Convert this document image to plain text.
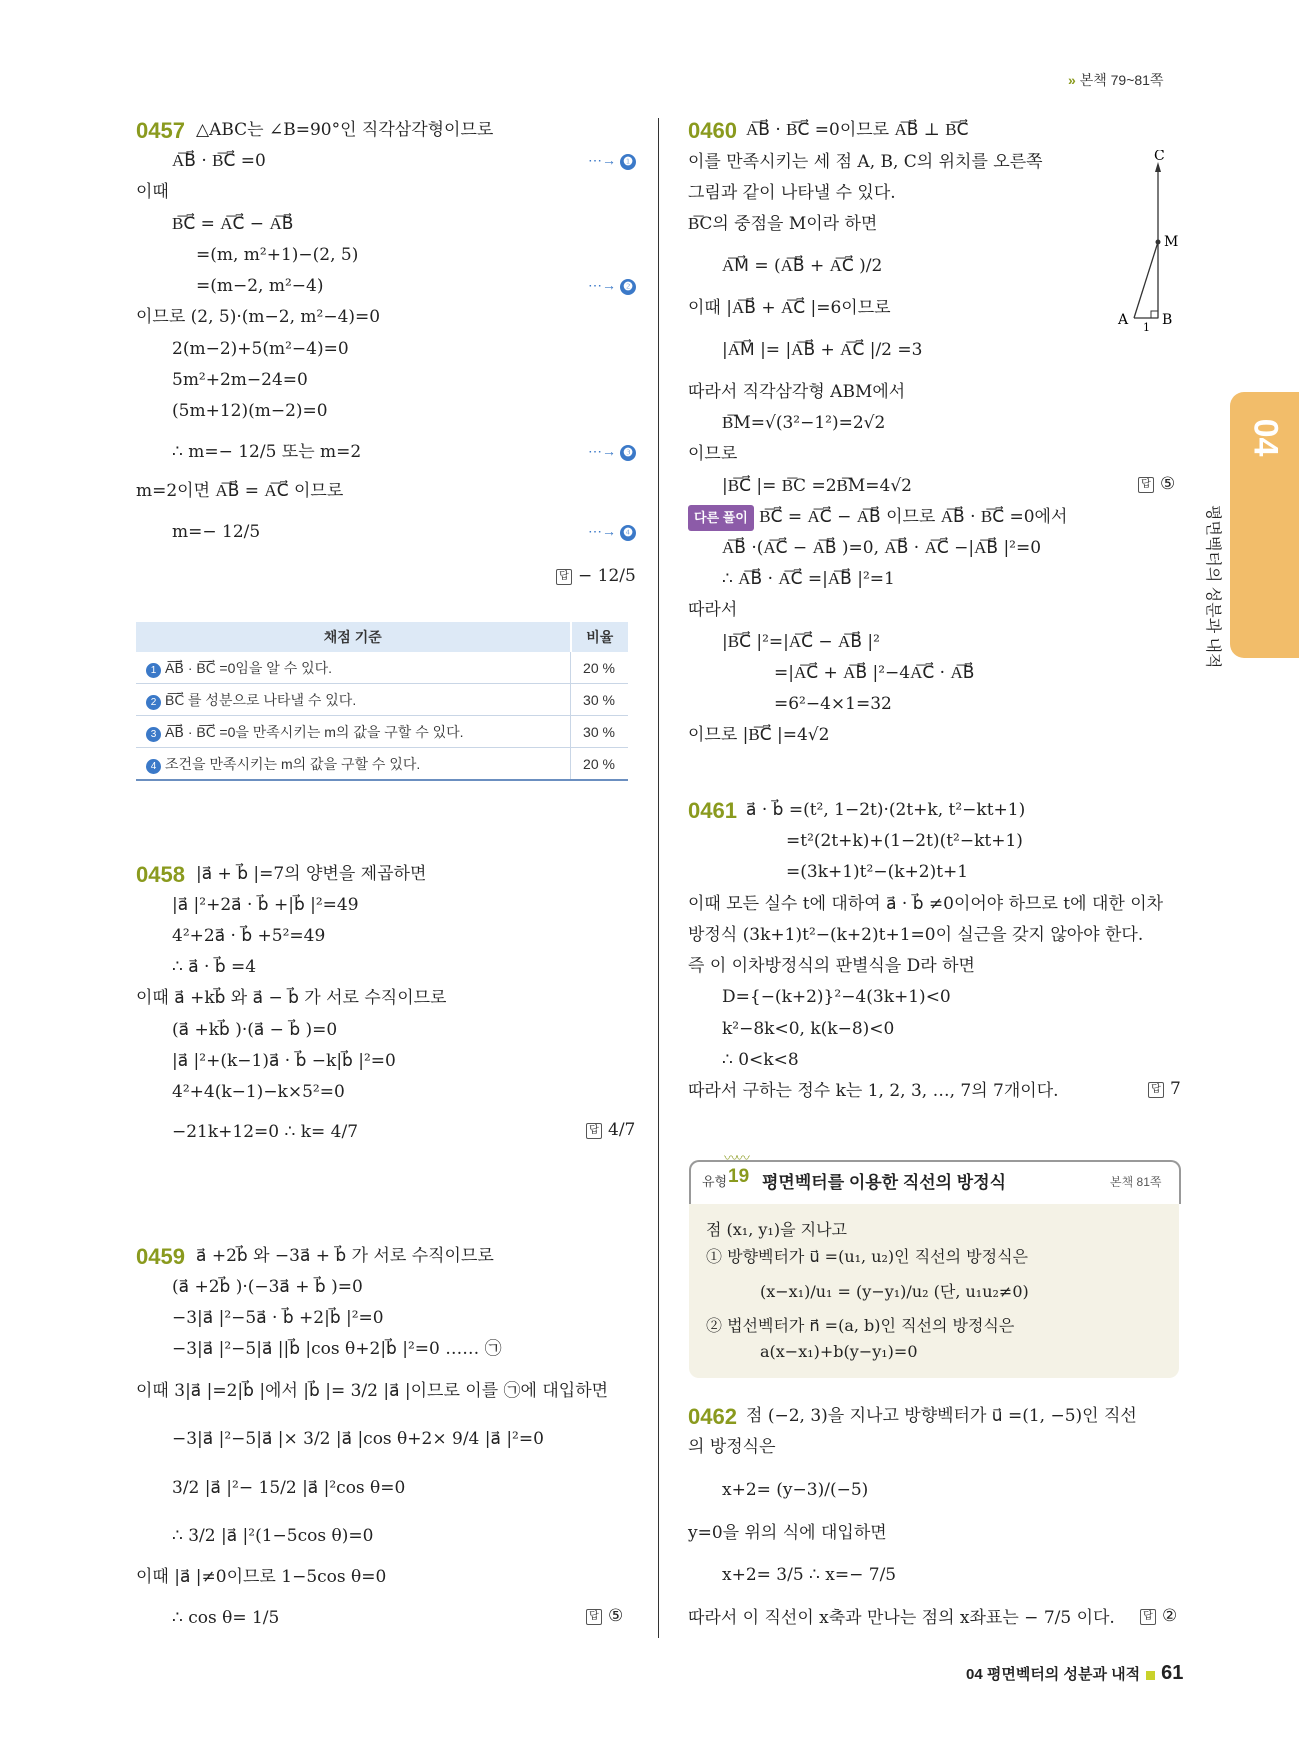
» 본책 79~81쪽
04
평면벡터의 성분과 내적
0457 △ABC는 ∠B=90°인 직각삼각형이므로
A͞B⃗ · B͞C⃗ =0
이때
B͞C⃗ = A͞C⃗ − A͞B⃗
=(m, m²+1)−(2, 5)
=(m−2, m²−4)
이므로 (2, 5)·(m−2, m²−4)=0
2(m−2)+5(m²−4)=0
5m²+2m−24=0
(5m+12)(m−2)=0
∴ m=− 12/5 또는 m=2
m=2이면 A͞B⃗ = A͞C⃗ 이므로
m=− 12/5
⋯→ ❶
⋯→ ❷
⋯→ ❸
⋯→ ❹
답 − 12/5
채점 기준	비율
1 A͞B⃗ · B͞C⃗ =0임을 알 수 있다.	20 %
2 B͞C⃗ 를 성분으로 나타낼 수 있다.	30 %
3 A͞B⃗ · B͞C⃗ =0을 만족시키는 m의 값을 구할 수 있다.	30 %
4 조건을 만족시키는 m의 값을 구할 수 있다.	20 %
0458 |a⃗ + b⃗ |=7의 양변을 제곱하면
|a⃗ |²+2a⃗ · b⃗ +|b⃗ |²=49
4²+2a⃗ · b⃗ +5²=49
∴ a⃗ · b⃗ =4
이때 a⃗ +kb⃗ 와 a⃗ − b⃗ 가 서로 수직이므로
(a⃗ +kb⃗ )·(a⃗ − b⃗ )=0
|a⃗ |²+(k−1)a⃗ · b⃗ −k|b⃗ |²=0
4²+4(k−1)−k×5²=0
−21k+12=0 ∴ k= 4/7	답 4/7
0459 a⃗ +2b⃗ 와 −3a⃗ + b⃗ 가 서로 수직이므로
(a⃗ +2b⃗ )·(−3a⃗ + b⃗ )=0
−3|a⃗ |²−5a⃗ · b⃗ +2|b⃗ |²=0
−3|a⃗ |²−5|a⃗ ||b⃗ |cos θ+2|b⃗ |²=0 …… ㉠
이때 3|a⃗ |=2|b⃗ |에서 |b⃗ |= 3/2 |a⃗ |이므로 이를 ㉠에 대입하면
−3|a⃗ |²−5|a⃗ |× 3/2 |a⃗ |cos θ+2× 9/4 |a⃗ |²=0
3/2 |a⃗ |²− 15/2 |a⃗ |²cos θ=0
∴ 3/2 |a⃗ |²(1−5cos θ)=0
이때 |a⃗ |≠0이므로 1−5cos θ=0
∴ cos θ= 1/5	답 ⑤
0460 A͞B⃗ · B͞C⃗ =0이므로 A͞B⃗ ⊥ B͞C⃗
이를 만족시키는 세 점 A, B, C의 위치를 오른쪽
그림과 같이 나타낼 수 있다.
B͞C의 중점을 M이라 하면
A͞M⃗ = (A͞B⃗ + A͞C⃗ )/2
이때 |A͞B⃗ + A͞C⃗ |=6이므로
|A͞M⃗ |= |A͞B⃗ + A͞C⃗ |/2 =3
따라서 직각삼각형 ABM에서
B͞M=√(3²−1²)=2√2
이므로
|B͞C⃗ |= B͞C =2B͞M=4√2	답 ⑤
C
M
A B
1
다른 풀이 B͞C⃗ = A͞C⃗ − A͞B⃗ 이므로 A͞B⃗ · B͞C⃗ =0에서
A͞B⃗ ·(A͞C⃗ − A͞B⃗ )=0, A͞B⃗ · A͞C⃗ −|A͞B⃗ |²=0
∴ A͞B⃗ · A͞C⃗ =|A͞B⃗ |²=1
따라서
|B͞C⃗ |²=|A͞C⃗ − A͞B⃗ |²
=|A͞C⃗ + A͞B⃗ |²−4A͞C⃗ · A͞B⃗
=6²−4×1=32
이므로 |B͞C⃗ |=4√2
0461 a⃗ · b⃗ =(t², 1−2t)·(2t+k, t²−kt+1)
=t²(2t+k)+(1−2t)(t²−kt+1)
=(3k+1)t²−(k+2)t+1
이때 모든 실수 t에 대하여 a⃗ · b⃗ ≠0이어야 하므로 t에 대한 이차
방정식 (3k+1)t²−(k+2)t+1=0이 실근을 갖지 않아야 한다.
즉 이 이차방정식의 판별식을 D라 하면
D={−(k+2)}²−4(3k+1)<0
k²−8k<0, k(k−8)<0
∴ 0<k<8
따라서 구하는 정수 k는 1, 2, 3, …, 7의 7개이다.	답 7
〰〰
유형 19 평면벡터를 이용한 직선의 방정식	본책 81쪽
점 (x₁, y₁)을 지나고
① 방향벡터가 u⃗ =(u₁, u₂)인 직선의 방정식은
(x−x₁)/u₁ = (y−y₁)/u₂ (단, u₁u₂≠0)
② 법선벡터가 n⃗ =(a, b)인 직선의 방정식은
a(x−x₁)+b(y−y₁)=0
0462 점 (−2, 3)을 지나고 방향벡터가 u⃗ =(1, −5)인 직선
의 방정식은
x+2= (y−3)/(−5)
y=0을 위의 식에 대입하면
x+2= 3/5 ∴ x=− 7/5
따라서 이 직선이 x축과 만나는 점의 x좌표는 − 7/5 이다.	답 ②
04 평면벡터의 성분과 내적 61
